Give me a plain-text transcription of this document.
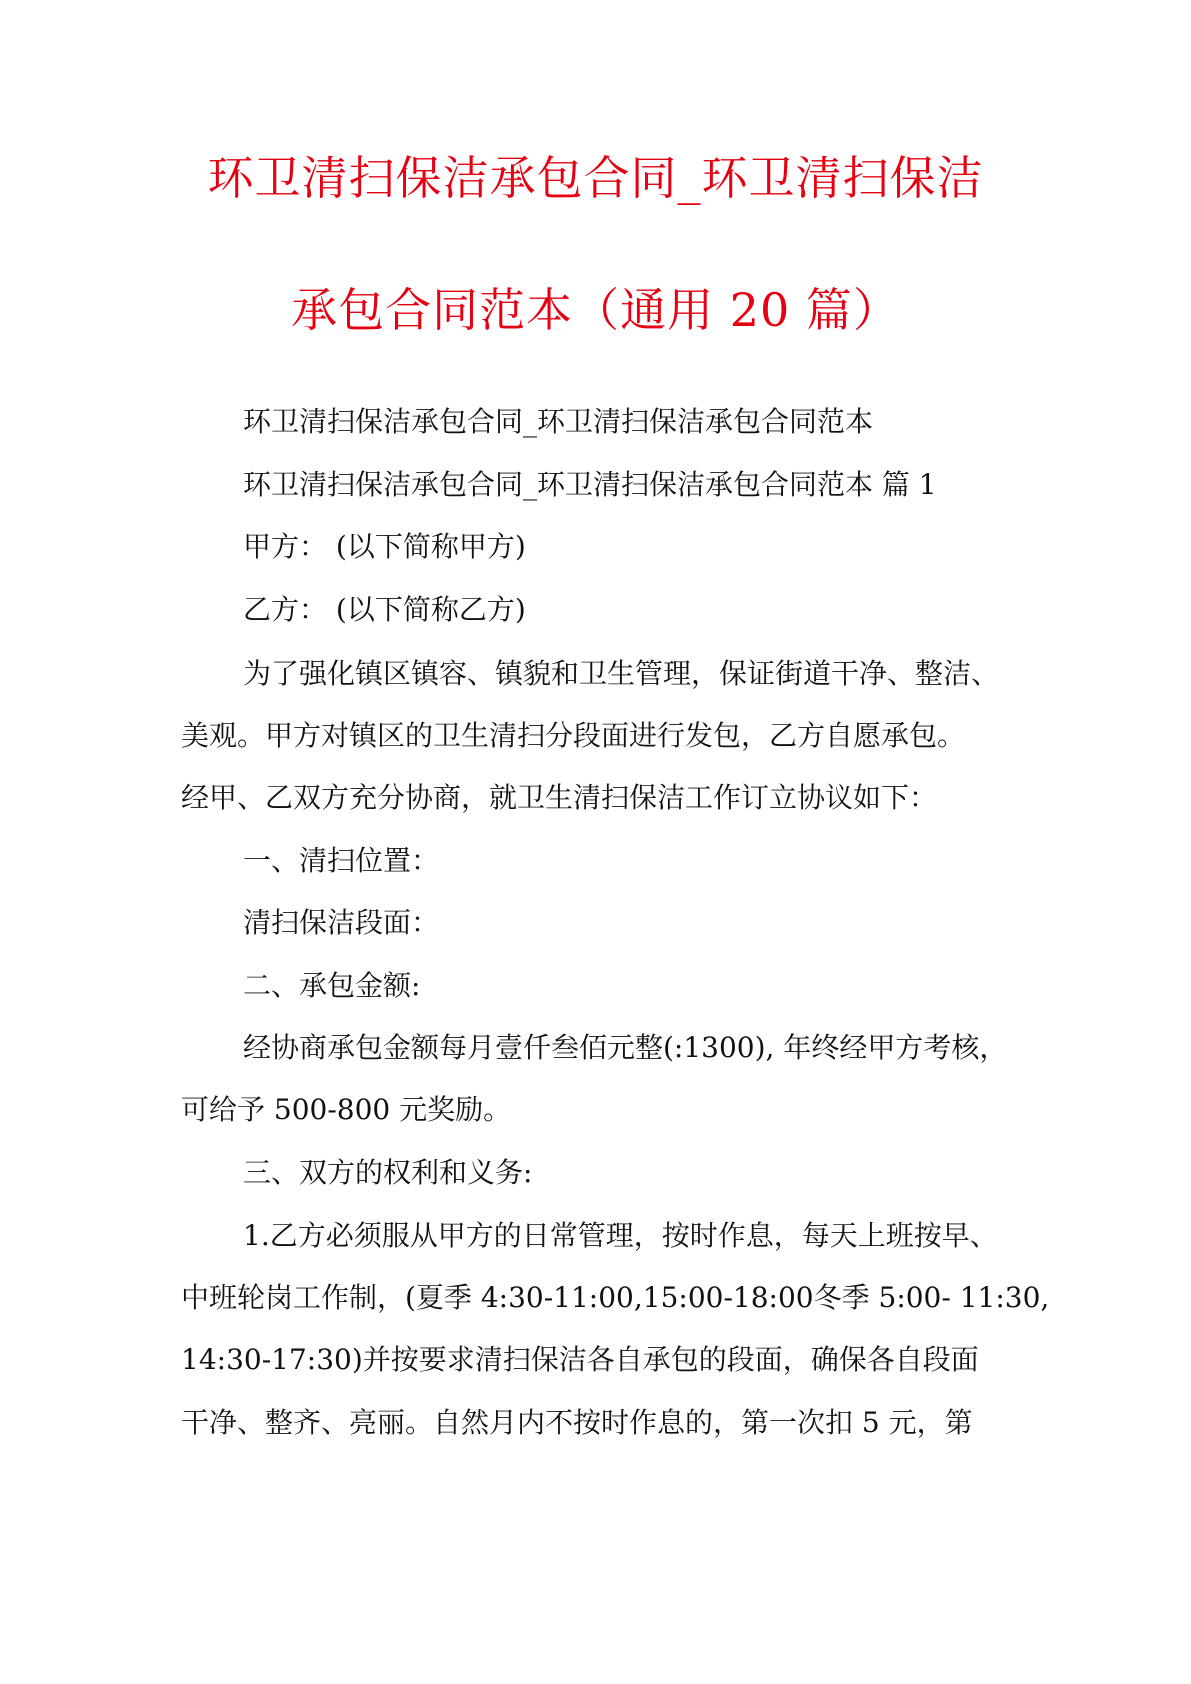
环卫清扫保洁承包合同_环卫清扫保洁
承包合同范本（通用 20 篇）
环卫清扫保洁承包合同_环卫清扫保洁承包合同范本
环卫清扫保洁承包合同_环卫清扫保洁承包合同范本 篇 1
甲方： (以下简称甲方)
乙方： (以下简称乙方)
为了强化镇区镇容、镇貌和卫生管理，保证街道干净、整洁、
美观。甲方对镇区的卫生清扫分段面进行发包，乙方自愿承包。
经甲、乙双方充分协商，就卫生清扫保洁工作订立协议如下：
一、清扫位置：
清扫保洁段面：
二、承包金额:
经协商承包金额每月壹仟叁佰元整(:1300), 年终经甲方考核，
可给予 500-800 元奖励。
三、双方的权利和义务:
1.乙方必须服从甲方的日常管理，按时作息，每天上班按早、
中班轮岗工作制，(夏季 4:30-11:00,15:00-18:00冬季 5:00- 11:30,
14:30-17:30)并按要求清扫保洁各自承包的段面，确保各自段面
干净、整齐、亮丽。自然月内不按时作息的，第一次扣 5 元，第
